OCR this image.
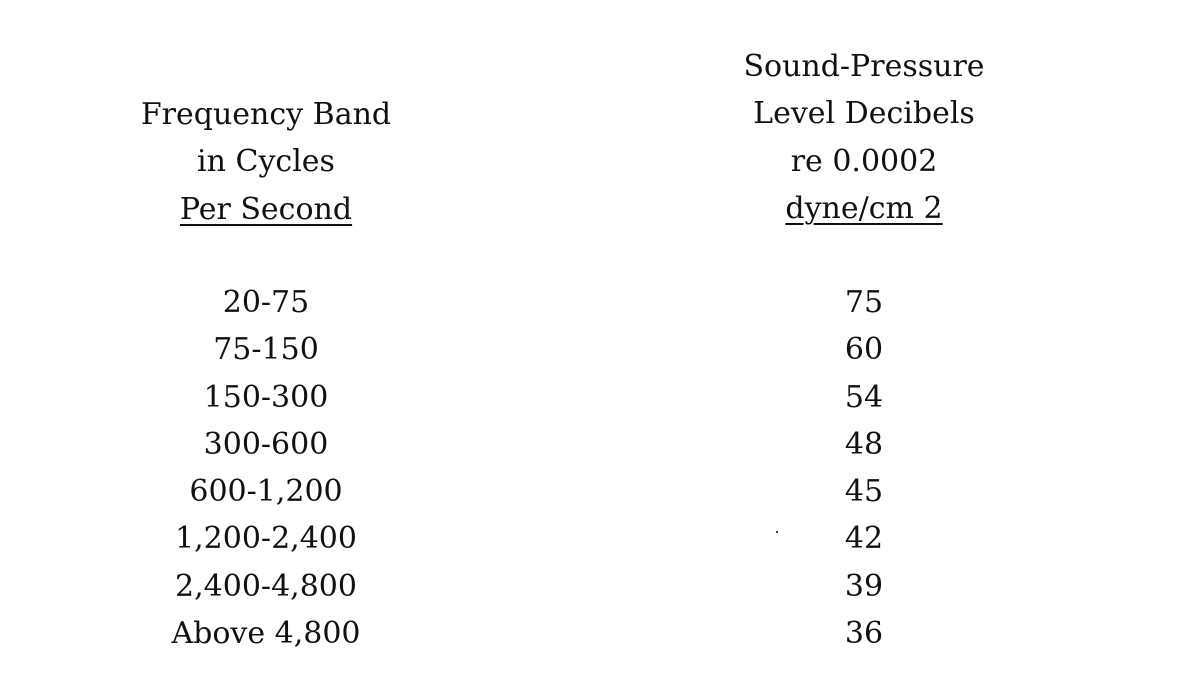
Frequency Band
in Cycles
Per Second
20-75
75-150
150-300
300-600
600-1,200
1,200-2,400
2,400-4,800
Above 4,800
Sound-Pressure
Level Decibels
re 0.0002
dyne/cm 2
75
60
54
48
45
42
39
36
